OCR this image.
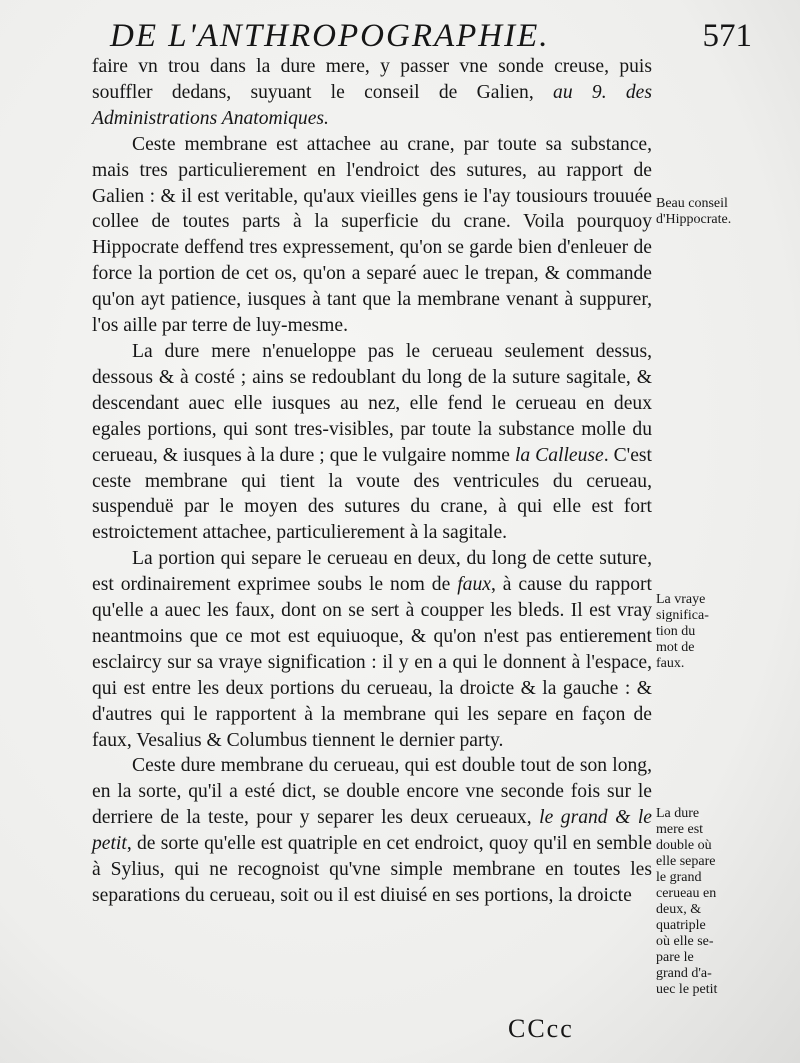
DE L'ANTHROPOGRAPHIE.	571

faire vn trou dans la dure mere, y passer vne sonde creuse, puis souffler dedans, suyuant le conseil de Galien, au 9. des Administrations Anatomiques.

Ceste membrane est attachee au crane, par toute sa substance, mais tres particulierement en l'endroict des sutures, au rapport de Galien : & il est veritable, qu'aux vieilles gens ie l'ay tousiours trouuée collee de toutes parts à la superficie du crane. Voila pourquoy Hippocrate deffend tres expressement, qu'on se garde bien d'enleuer de force la portion de cet os, qu'on a separé auec le trepan, & commande qu'on ayt patience, iusques à tant que la membrane venant à suppurer, l'os aille par terre de luy-mesme.

La dure mere n'enueloppe pas le cerueau seulement dessus, dessous & à costé ; ains se redoublant du long de la suture sagitale, & descendant auec elle iusques au nez, elle fend le cerueau en deux egales portions, qui sont tres-visibles, par toute la substance molle du cerueau, & iusques à la dure ; que le vulgaire nomme la Calleuse. C'est ceste membrane qui tient la voute des ventricules du cerueau, suspenduë par le moyen des sutures du crane, à qui elle est fort estroictement attachee, particulierement à la sagitale.

La portion qui separe le cerueau en deux, du long de cette suture, est ordinairement exprimee soubs le nom de faux, à cause du rapport qu'elle a auec les faux, dont on se sert à coupper les bleds. Il est vray neantmoins que ce mot est equiuoque, & qu'on n'est pas entierement esclaircy sur sa vraye signification : il y en a qui le donnent à l'espace, qui est entre les deux portions du cerueau, la droicte & la gauche : & d'autres qui le rapportent à la membrane qui les separe en façon de faux, Vesalius & Columbus tiennent le dernier party.

Ceste dure membrane du cerueau, qui est double tout de son long, en la sorte, qu'il a esté dict, se double encore vne seconde fois sur le derriere de la teste, pour y separer les deux cerueaux, le grand & le petit, de sorte qu'elle est quatriple en cet endroict, quoy qu'il en semble à Sylius, qui ne recognoist qu'vne simple membrane en toutes les separations du cerueau, soit ou il est diuisé en ses portions, la droicte

Beau conseil d'Hippocrate.
La vraye significa-
tion du
mot de
faux.
La dure
mere est
double où
elle separe
le grand
cerueau en
deux, &
quatriple
où elle se-
pare le
grand d'a-
uec le petit
CCcc
